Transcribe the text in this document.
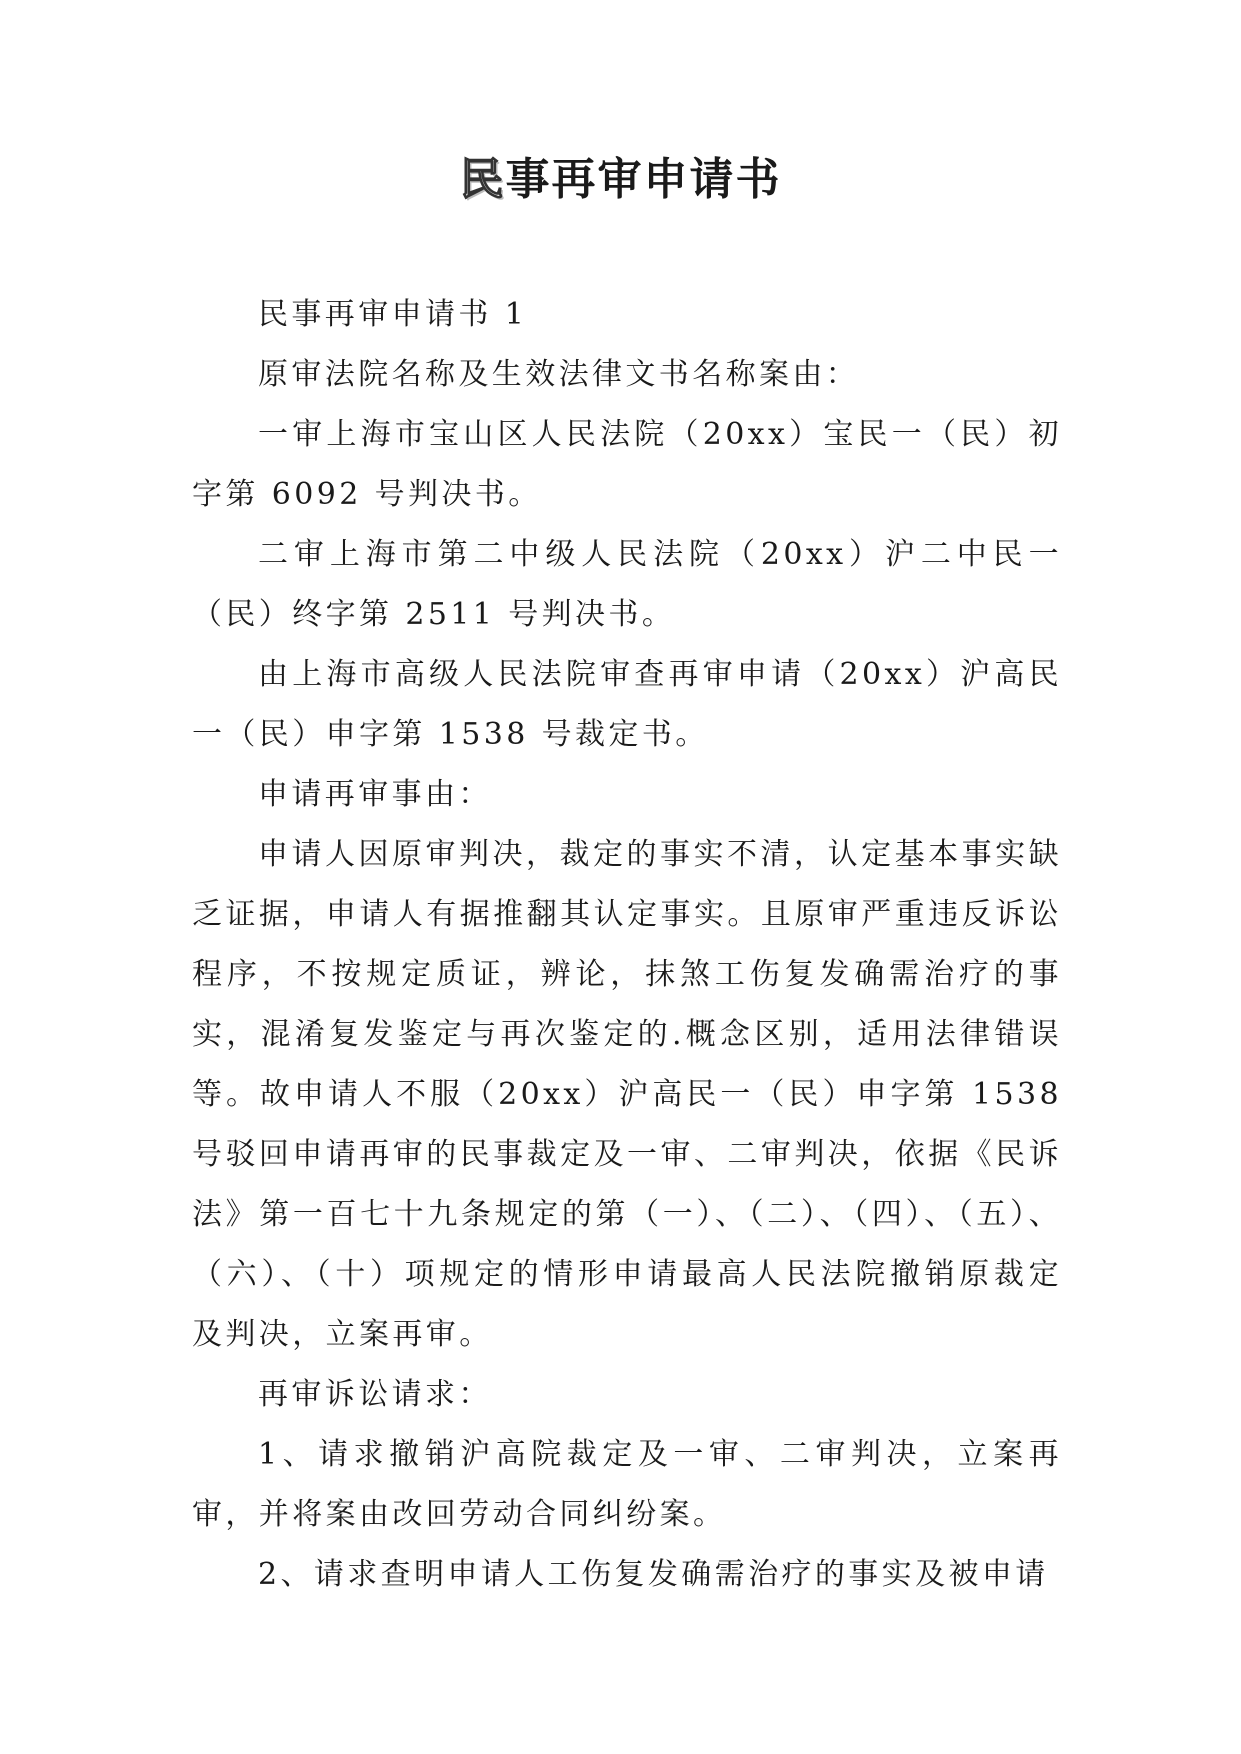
民事再审申请书

民事再审申请书 1

原审法院名称及生效法律文书名称案由：

一审上海市宝山区人民法院（20xx）宝民一（民）初字第 6092 号判决书。

二审上海市第二中级人民法院（20xx）沪二中民一（民）终字第 2511 号判决书。

由上海市高级人民法院审查再审申请（20xx）沪高民一（民）申字第 1538 号裁定书。

申请再审事由：

申请人因原审判决，裁定的事实不清，认定基本事实缺乏证据，申请人有据推翻其认定事实。且原审严重违反诉讼程序，不按规定质证，辨论，抹煞工伤复发确需治疗的事实，混淆复发鉴定与再次鉴定的.概念区别，适用法律错误等。故申请人不服（20xx）沪高民一（民）申字第 1538 号驳回申请再审的民事裁定及一审、二审判决，依据《民诉法》第一百七十九条规定的第（一）、（二）、（四）、（五）、（六）、（十）项规定的情形申请最高人民法院撤销原裁定及判决，立案再审。

再审诉讼请求：

1、请求撤销沪高院裁定及一审、二审判决，立案再审，并将案由改回劳动合同纠纷案。

2、请求查明申请人工伤复发确需治疗的事实及被申请
